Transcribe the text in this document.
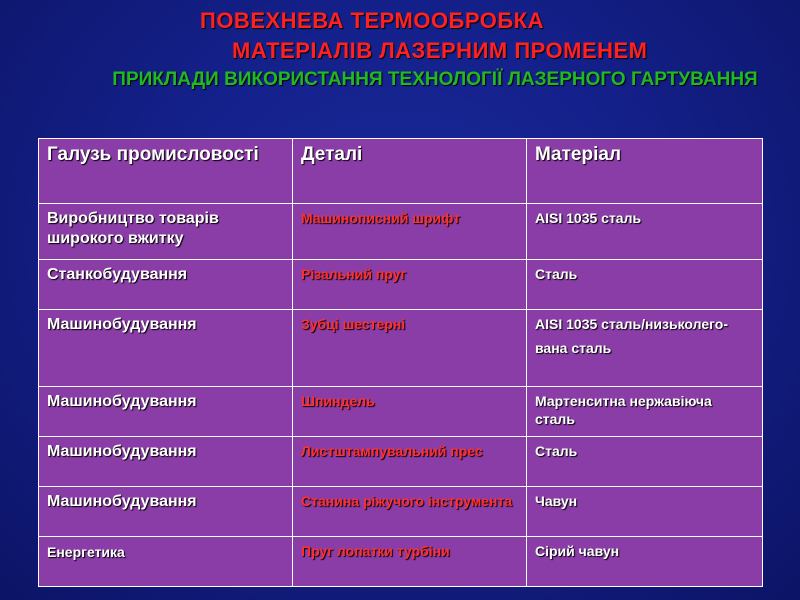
ПОВЕХНЕВА ТЕРМООБРОБКА
МАТЕРІАЛІВ ЛАЗЕРНИМ ПРОМЕНЕМ
ПРИКЛАДИ ВИКОРИСТАННЯ ТЕХНОЛОГІЇ ЛАЗЕРНОГО ГАРТУВАННЯ
Галузь промисловості	Деталі	Матеріал
Виробництво товарів широкого вжитку	Машинописний шрифт	AISI 1035 сталь

Станкобудування	Різальний пруг	Сталь

Машинобудування	Зубці шестерні	AISI 1035 сталь/низьколего-
вана сталь

Машинобудування	Шпиндель	Мартенситна нержавіюча сталь

Машинобудування	Листштампувальний прес	Сталь

Машинобудування	Станина ріжучого інструмента	Чавун

Енергетика	Пруг лопатки турбіни	Сірий чавун
